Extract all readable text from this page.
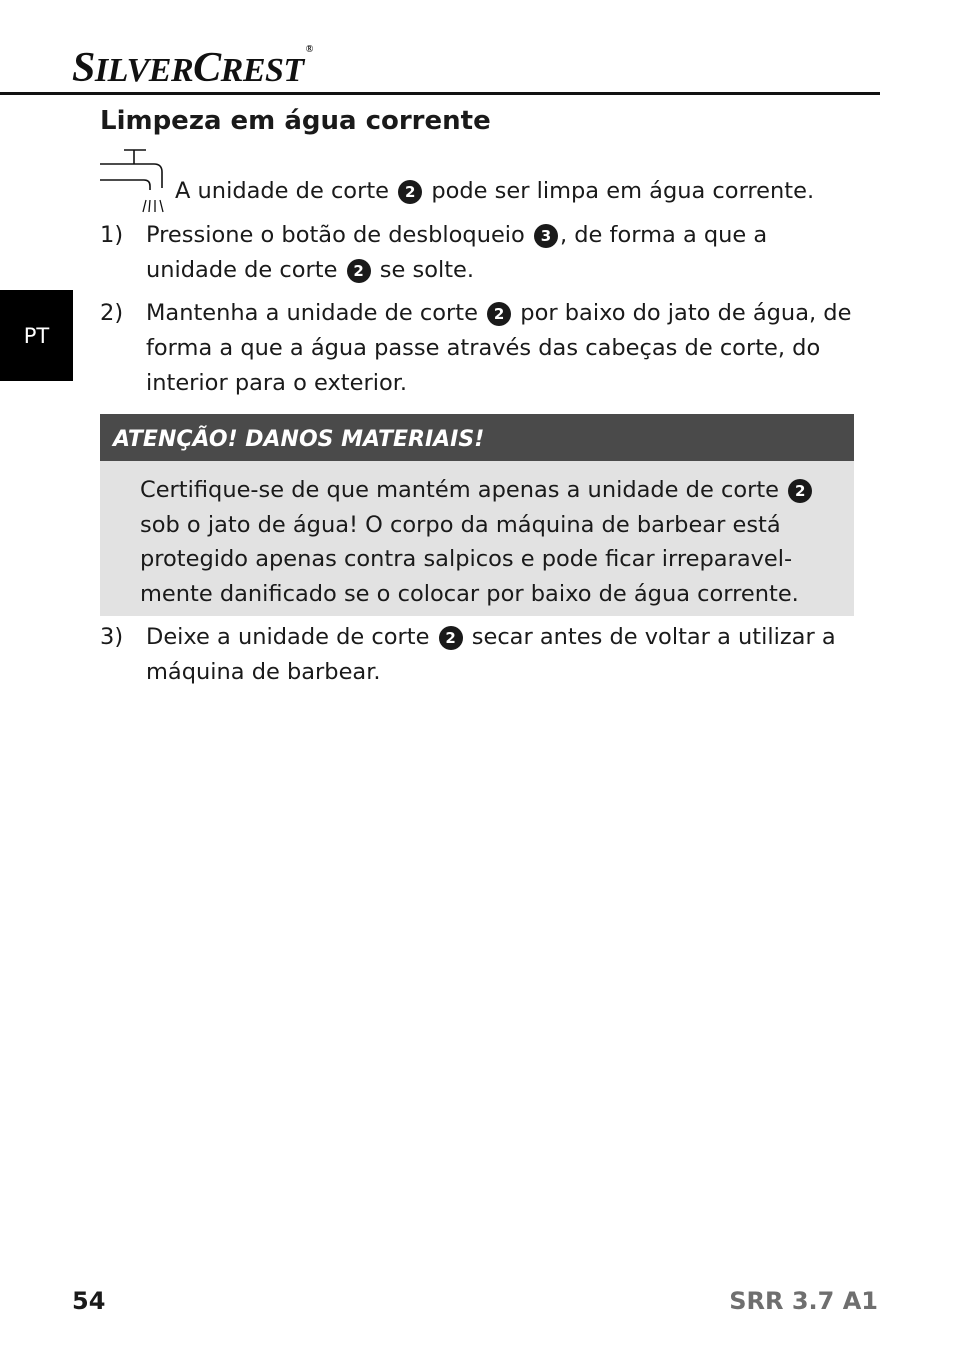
SILVERCREST®
PT
Limpeza em água corrente
A unidade de corte 2 pode ser limpa em água corrente.
1) Pressione o botão de desbloqueio 3 , de forma a que a unidade de corte 2 se solte.
2) Mantenha a unidade de corte 2 por baixo do jato de água, de forma a que a água passe através das cabeças de corte, do interior para o exterior.
ATENÇÃO! DANOS MATERIAIS!
Certifique-se de que mantém apenas a unidade de corte 2 sob o jato de água! O corpo da máquina de barbear está protegido apenas contra salpicos e pode ficar irreparavel- mente danificado se o colocar por baixo de água corrente.
3) Deixe a unidade de corte 2 secar antes de voltar a utilizar a máquina de barbear.
54	SRR 3.7 A1
